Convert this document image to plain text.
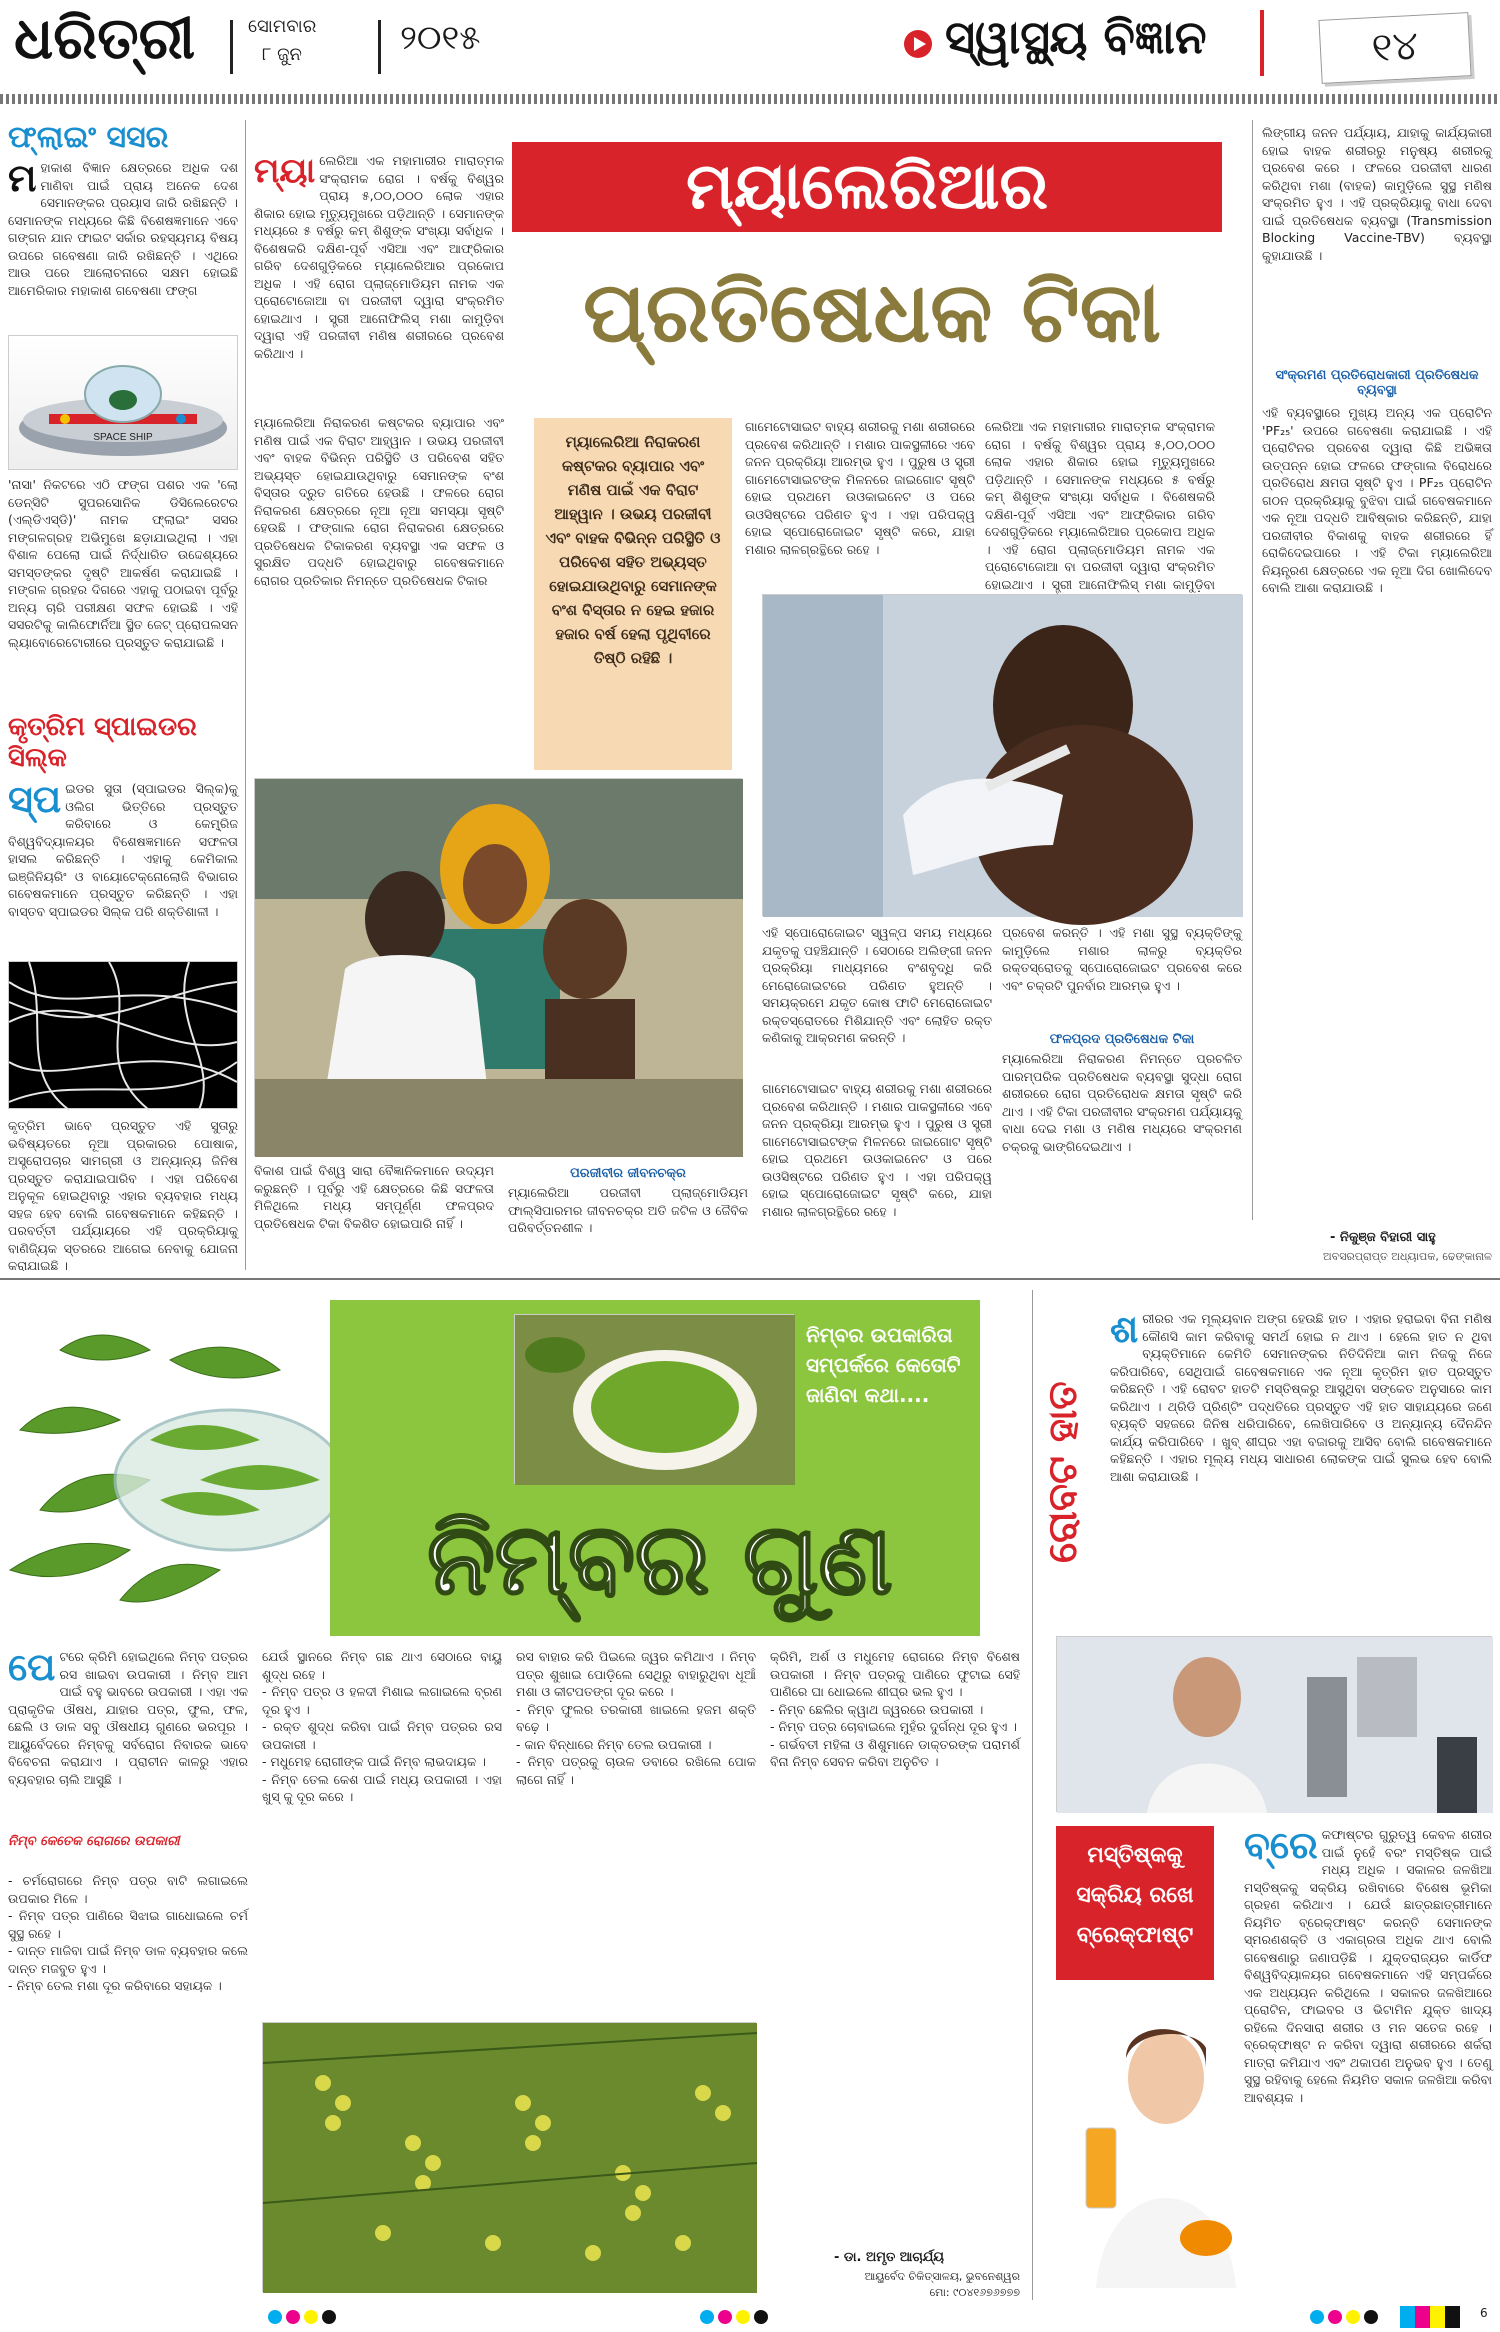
ଧରିତ୍ରୀ	ସୋମବାର
୮ ଜୁନ	୨୦୧୫	ସ୍ୱାସ୍ଥ୍ୟ ବିଜ୍ଞାନ	୧୪
ଫ୍ଲାଇଂ ସସର
ମହାକାଶ ବିଜ୍ଞାନ କ୍ଷେତ୍ରରେ ଅଧିକ ଦଶ ମାଣିବା ପାଇଁ ପ୍ରାୟ ଅନେକ ଦେଶ ସେମାନଙ୍କର ପ୍ରୟାସ ଜାରି ରଖିଛନ୍ତି । ସେମାନଙ୍କ ମଧ୍ୟରେ କିଛି ବିଶେଷଜ୍ଞମାନେ ଏବେ ଗଙ୍ଗନ ଯାନ ଫାଇଟ ସର୍କାର ରହସ୍ୟମୟ ବିଷୟ ଉପରେ ଗବେଷଣା ଜାରି ରଖିଛନ୍ତି । ଏଥିରେ ଆଉ ପରେ ଆଲୋଚନାରେ ସକ୍ଷମ ହୋଇଛି ଆମେରିକାର ମହାକାଶ ଗବେଷଣା ଫଙ୍ଗ
SPACE SHIP
'ନାସା' ନିକଟରେ ଏଠି ଫଙ୍ଗ ପଶର ଏକ 'ଲୋ ଡେନ୍ସିଟି ସୁପରସୋନିକ ଡିସିଲେରେଟର (ଏଲ୍‌ଡିଏସ୍‌ଡି)' ନାମକ ଫ୍ଲାଇଂ ସସର ମଙ୍ଗଳଗ୍ରହ ଅଭିମୁଖେ ଛଡ଼ାଯାଇଥିଲା । ଏହା ବିଶାଳ ପେଲୋ ପାଇଁ ନିର୍ଦ୍ଧାରିତ ଉଦ୍ଦେଶ୍ୟରେ ସମସ୍ତଙ୍କର ଦୃଷ୍ଟି ଆକର୍ଷଣ କରାଯାଇଛି । ମଙ୍ଗଳ ଗ୍ରହର ଦିଗରେ ଏହାକୁ ପଠାଇବା ପୂର୍ବରୁ ଅନ୍ୟ ଚାରି ପରୀକ୍ଷଣ ସଫଳ ହୋଇଛି । ଏହି ସସରଟିକୁ କାଲିଫୋର୍ନିଆ ସ୍ଥିତ ଜେଟ୍‌ ପ୍ରୋପଲସନ ଲ୍ୟାବୋରେଟୋରୀରେ ପ୍ରସ୍ତୁତ କରାଯାଇଛି ।
କୃତ୍ରିମ ସ୍ପାଇଡର ସିଲ୍କ
ସ୍ପ ଇଡର ସୁତା (ସ୍ପାଇଡର ସିଲ୍କ)କୁ ଓଲିଗ ଭିତ୍ତିରେ ପ୍ରସ୍ତୁତ କରିବାରେ ଓ କେମ୍ବ୍ରିଜ ବିଶ୍ୱବିଦ୍ୟାଳୟର ବିଶେଷଜ୍ଞମାନେ ସଫଳତା ହାସଲ କରିଛନ୍ତି । ଏହାକୁ କେମିକାଲ ଇଞ୍ଜିନିୟରିଂ ଓ ବାୟୋଟେକ୍ନୋଲୋଜି ବିଭାଗର ଗବେଷକମାନେ ପ୍ରସ୍ତୁତ କରିଛନ୍ତି । ଏହା ବାସ୍ତବ ସ୍ପାଇଡର ସିଲ୍କ ପରି ଶକ୍ତିଶାଳୀ ।
କୃତ୍ରିମ ଭାବେ ପ୍ରସ୍ତୁତ ଏହି ସୁତାରୁ ଭବିଷ୍ୟତରେ ନୂଆ ପ୍ରକାରର ପୋଷାକ, ଅସ୍ତ୍ରୋପଚାର ସାମଗ୍ରୀ ଓ ଅନ୍ୟାନ୍ୟ ଜିନିଷ ପ୍ରସ୍ତୁତ କରାଯାଇପାରିବ । ଏହା ପରିବେଶ ଅନୁକୂଳ ହୋଇଥିବାରୁ ଏହାର ବ୍ୟବହାର ମଧ୍ୟ ସହଜ ହେବ ବୋଲି ଗବେଷକମାନେ କହିଛନ୍ତି । ପରବର୍ତ୍ତୀ ପର୍ଯ୍ୟାୟରେ ଏହି ପ୍ରକ୍ରିୟାକୁ ବାଣିଜ୍ୟିକ ସ୍ତରରେ ଆଗେଇ ନେବାକୁ ଯୋଜନା କରାଯାଇଛି ।
ମ୍ୟାଲେରିଆର
ପ୍ରତିଷେଧକ ଟିକା
ମ୍ୟା ଲେରିଆ ଏକ ମହାମାରୀର ମାରାତ୍ମକ ସଂକ୍ରାମକ ରୋଗ । ବର୍ଷକୁ ବିଶ୍ୱର ପ୍ରାୟ ୫,୦୦,୦୦୦ ଲୋକ ଏହାର ଶିକାର ହୋଇ ମୃତ୍ୟୁମୁଖରେ ପଡ଼ିଥାନ୍ତି । ସେମାନଙ୍କ ମଧ୍ୟରେ ୫ ବର୍ଷରୁ କମ୍‌ ଶିଶୁଙ୍କ ସଂଖ୍ୟା ସର୍ବାଧିକ । ବିଶେଷକରି ଦକ୍ଷିଣ-ପୂର୍ବ ଏସିଆ ଏବଂ ଆଫ୍ରିକାର ଗରିବ ଦେଶଗୁଡ଼ିକରେ ମ୍ୟାଲେରିଆର ପ୍ରକୋପ ଅଧିକ । ଏହି ରୋଗ ପ୍ଲାଜ୍‌ମୋଡିୟମ ନାମକ ଏକ ପ୍ରୋଟୋଜୋଆ ବା ପରଜୀବୀ ଦ୍ୱାରା ସଂକ୍ରମିତ ହୋଇଥାଏ । ସ୍ତ୍ରୀ ଆନୋଫିଲିସ୍‌ ମଶା କାମୁଡ଼ିବା ଦ୍ୱାରା ଏହି ପରଜୀବୀ ମଣିଷ ଶରୀରରେ ପ୍ରବେଶ କରିଥାଏ ।
ମ୍ୟାଲେରିଆ ନିରାକରଣ କଷ୍ଟକର ବ୍ୟାପାର ଏବଂ ମଣିଷ ପାଇଁ ଏକ ବିରାଟ ଆହ୍ୱାନ । ଉଭୟ ପରଜୀବୀ ଏବଂ ବାହକ ବିଭିନ୍ନ ପରିସ୍ଥିତି ଓ ପରିବେଶ ସହିତ ଅଭ୍ୟସ୍ତ ହୋଇଯାଉଥିବାରୁ ସେମାନଙ୍କ ବଂଶ ବିସ୍ତାର ଦ୍ରୁତ ଗତିରେ ହେଉଛି । ଫଳରେ ରୋଗ ନିରାକରଣ କ୍ଷେତ୍ରରେ ନୂଆ ନୂଆ ସମସ୍ୟା ସୃଷ୍ଟି ହେଉଛି । ଫଙ୍ଗାଲ ରୋଗ ନିରାକରଣ କ୍ଷେତ୍ରରେ ପ୍ରତିଷେଧକ ଟିକାକରଣ ବ୍ୟବସ୍ଥା ଏକ ସଫଳ ଓ ସୁରକ୍ଷିତ ପଦ୍ଧତି ହୋଇଥିବାରୁ ଗବେଷକମାନେ ରୋଗର ପ୍ରତିକାର ନିମନ୍ତେ ପ୍ରତିଷେଧକ ଟିକାର
ମ୍ୟାଲେରିଆ ନିରାକରଣ କଷ୍ଟକର ବ୍ୟାପାର ଏବଂ ମଣିଷ ପାଇଁ ଏକ ବିରାଟ ଆହ୍ୱାନ । ଉଭୟ ପରଜୀବୀ ଏବଂ ବାହକ ବିଭିନ୍ନ ପରିସ୍ଥିତି ଓ ପରିବେଶ ସହିତ ଅଭ୍ୟସ୍ତ ହୋଇଯାଉଥିବାରୁ ସେମାନଙ୍କ ବଂଶ ବିସ୍ତାର ନ ହେଇ ହଜାର ହଜାର ବର୍ଷ ହେଲା ପୃଥିବୀରେ ତିଷ୍ଠି ରହିଛି ।
ଗାମେଟୋସାଇଟ ବାହ୍ୟ ଶରୀରକୁ ମଶା ଶରୀରରେ ପ୍ରବେଶ କରିଥାନ୍ତି । ମଶାର ପାକସ୍ଥଳୀରେ ଏବେ ଜନନ ପ୍ରକ୍ରିୟା ଆରମ୍ଭ ହୁଏ । ପୁରୁଷ ଓ ସ୍ତ୍ରୀ ଗାମେଟୋସାଇଟଙ୍କ ମିଳନରେ ଜାଇଗୋଟ ସୃଷ୍ଟି ହୋଇ ପ୍ରଥମେ ଉଓକାଇନେଟ ଓ ପରେ ଉଓସିଷ୍ଟରେ ପରିଣତ ହୁଏ । ଏହା ପରିପକ୍ୱ ହୋଇ ସ୍ପୋରୋଜୋଇଟ ସୃଷ୍ଟି କରେ, ଯାହା ମଶାର ଲାଳଗ୍ରନ୍ଥିରେ ରହେ ।
ଲେରିଆ ଏକ ମହାମାରୀର ମାରାତ୍ମକ ସଂକ୍ରାମକ ରୋଗ । ବର୍ଷକୁ ବିଶ୍ୱର ପ୍ରାୟ ୫,୦୦,୦୦୦ ଲୋକ ଏହାର ଶିକାର ହୋଇ ମୃତ୍ୟୁମୁଖରେ ପଡ଼ିଥାନ୍ତି । ସେମାନଙ୍କ ମଧ୍ୟରେ ୫ ବର୍ଷରୁ କମ୍‌ ଶିଶୁଙ୍କ ସଂଖ୍ୟା ସର୍ବାଧିକ । ବିଶେଷକରି ଦକ୍ଷିଣ-ପୂର୍ବ ଏସିଆ ଏବଂ ଆଫ୍ରିକାର ଗରିବ ଦେଶଗୁଡ଼ିକରେ ମ୍ୟାଲେରିଆର ପ୍ରକୋପ ଅଧିକ । ଏହି ରୋଗ ପ୍ଲାଜ୍‌ମୋଡିୟମ ନାମକ ଏକ ପ୍ରୋଟୋଜୋଆ ବା ପରଜୀବୀ ଦ୍ୱାରା ସଂକ୍ରମିତ ହୋଇଥାଏ । ସ୍ତ୍ରୀ ଆନୋଫିଲିସ୍‌ ମଶା କାମୁଡ଼ିବା
ଲିଙ୍ଗୀୟ ଜନନ ପର୍ଯ୍ୟାୟ, ଯାହାକୁ କାର୍ଯ୍ୟକାରୀ ହୋଇ ବାହକ ଶରୀରରୁ ମନୁଷ୍ୟ ଶରୀରକୁ ପ୍ରବେଶ କରେ । ଫଳରେ ପରଜୀବୀ ଧାରଣ କରିଥିବା ମଶା (ବାହକ) କାମୁଡ଼ିଲେ ସୁସ୍ଥ ମଣିଷ ସଂକ୍ରମିତ ହୁଏ । ଏହି ପ୍ରକ୍ରିୟାକୁ ବାଧା ଦେବା ପାଇଁ ପ୍ରତିଷେଧକ ବ୍ୟବସ୍ଥା (Transmission Blocking Vaccine-TBV) ବ୍ୟବସ୍ଥା କୁହାଯାଉଛି ।
ସଂକ୍ରମଣ ପ୍ରତିରୋଧକାରୀ ପ୍ରତିଷେଧକ ବ୍ୟବସ୍ଥା
ଏହି ବ୍ୟବସ୍ଥାରେ ମୁଖ୍ୟ ଅନ୍ୟ ଏକ ପ୍ରୋଟିନ 'PF₂₅' ଉପରେ ଗବେଷଣା କରାଯାଇଛି । ଏହି ପ୍ରୋଟିନର ପ୍ରବେଶ ଦ୍ୱାରା କିଛି ଅଭିଜ୍ଞତା ଉତ୍ପନ୍ନ ହୋଇ ଫଳରେ ଫଙ୍ଗାଲ ବିରୋଧରେ ପ୍ରତିରୋଧ କ୍ଷମତା ସୃଷ୍ଟି ହୁଏ । PF₂₅ ପ୍ରୋଟିନ ଗଠନ ପ୍ରକ୍ରିୟାକୁ ବୁଝିବା ପାଇଁ ଗବେଷକମାନେ ଏକ ନୂଆ ପଦ୍ଧତି ଆବିଷ୍କାର କରିଛନ୍ତି, ଯାହା ପରଜୀବୀର ବିକାଶକୁ ବାହକ ଶରୀରରେ ହିଁ ରୋକିଦେଇପାରେ । ଏହି ଟିକା ମ୍ୟାଲେରିଆ ନିୟନ୍ତ୍ରଣ କ୍ଷେତ୍ରରେ ଏକ ନୂଆ ଦିଗ ଖୋଲିଦେବ ବୋଲି ଆଶା କରାଯାଉଛି ।
ଏହି ସ୍ପୋରୋଜୋଇଟ ସ୍ୱଳ୍ପ ସମୟ ମଧ୍ୟରେ ଯକୃତକୁ ପହଞ୍ଚିଯାନ୍ତି । ସେଠାରେ ଅଲିଙ୍ଗୀ ଜନନ ପ୍ରକ୍ରିୟା ମାଧ୍ୟମରେ ବଂଶବୃଦ୍ଧି କରି ମେରୋଜୋଇଟରେ ପରିଣତ ହୁଅନ୍ତି । ସମୟକ୍ରମେ ଯକୃତ କୋଷ ଫାଟି ମେରୋଜୋଇଟ ରକ୍ତସ୍ରୋତରେ ମିଶିଯାନ୍ତି ଏବଂ ଲୋହିତ ରକ୍ତ କଣିକାକୁ ଆକ୍ରମଣ କରନ୍ତି ।
ପ୍ରବେଶ କରନ୍ତି । ଏହି ମଶା ସୁସ୍ଥ ବ୍ୟକ୍ତିଙ୍କୁ କାମୁଡ଼ିଲେ ମଶାର ଲାଳରୁ ବ୍ୟକ୍ତିର ରକ୍ତସ୍ରୋତକୁ ସ୍ପୋରୋଜୋଇଟ ପ୍ରବେଶ କରେ ଏବଂ ଚକ୍ରଟି ପୁନର୍ବାର ଆରମ୍ଭ ହୁଏ ।
ଫଳପ୍ରଦ ପ୍ରତିଷେଧକ ଟିକା
ମ୍ୟାଲେରିଆ ନିରାକରଣ ନିମନ୍ତେ ପ୍ରଚଳିତ ପାରମ୍ପରିକ ପ୍ରତିଷେଧକ ବ୍ୟବସ୍ଥା ସୁଦ୍ଧା ରୋଗ ଶରୀରରେ ରୋଗ ପ୍ରତିରୋଧକ କ୍ଷମତା ସୃଷ୍ଟି କରି ଥାଏ । ଏହି ଟିକା ପରଜୀବୀର ସଂକ୍ରମଣ ପର୍ଯ୍ୟାୟକୁ ବାଧା ଦେଇ ମଶା ଓ ମଣିଷ ମଧ୍ୟରେ ସଂକ୍ରମଣ ଚକ୍ରକୁ ଭାଙ୍ଗିଦେଇଥାଏ ।
ଗାମେଟୋସାଇଟ ବାହ୍ୟ ଶରୀରକୁ ମଶା ଶରୀରରେ ପ୍ରବେଶ କରିଥାନ୍ତି । ମଶାର ପାକସ୍ଥଳୀରେ ଏବେ ଜନନ ପ୍ରକ୍ରିୟା ଆରମ୍ଭ ହୁଏ । ପୁରୁଷ ଓ ସ୍ତ୍ରୀ ଗାମେଟୋସାଇଟଙ୍କ ମିଳନରେ ଜାଇଗୋଟ ସୃଷ୍ଟି ହୋଇ ପ୍ରଥମେ ଉଓକାଇନେଟ ଓ ପରେ ଉଓସିଷ୍ଟରେ ପରିଣତ ହୁଏ । ଏହା ପରିପକ୍ୱ ହୋଇ ସ୍ପୋରୋଜୋଇଟ ସୃଷ୍ଟି କରେ, ଯାହା ମଶାର ଲାଳଗ୍ରନ୍ଥିରେ ରହେ ।
ବିକାଶ ପାଇଁ ବିଶ୍ୱ ସାରା ବୈଜ୍ଞାନିକମାନେ ଉଦ୍ୟମ କରୁଛନ୍ତି । ପୂର୍ବରୁ ଏହି କ୍ଷେତ୍ରରେ କିଛି ସଫଳତା ମିଳିଥିଲେ ମଧ୍ୟ ସମ୍ପୂର୍ଣ୍ଣ ଫଳପ୍ରଦ ପ୍ରତିଷେଧକ ଟିକା ବିକଶିତ ହୋଇପାରି ନାହିଁ ।
ପରଜୀବୀର ଜୀବନଚକ୍ର
ମ୍ୟାଲେରିଆ ପରଜୀବୀ ପ୍ଲାଜ୍‌ମୋଡିୟମ ଫାଲ୍‌ସିପାରମର ଜୀବନଚକ୍ର ଅତି ଜଟିଳ ଓ ଜୈବିକ ପରିବର୍ତ୍ତନଶୀଳ ।
- ନିକୁଞ୍ଜ ବିହାରୀ ସାହୁ
ଅବସରପ୍ରାପ୍ତ ଅଧ୍ୟାପକ, ଢେଙ୍କାନାଳ
ନିମ୍ବର ଉପକାରିତା ସମ୍ପର୍କରେ କେତୋଟି ଜାଣିବା କଥା....
ନିମ୍ବର ଗୁଣ
ପେଟରେ କ୍ରିମି ହୋଇଥିଲେ ନିମ୍ବ ପତ୍ରର ରସ ଖାଇବା ଉପକାରୀ । ନିମ୍ବ ଆମ ପାଇଁ ବହୁ ଭାବରେ ଉପକାରୀ । ଏହା ଏକ ପ୍ରାକୃତିକ ଔଷଧ, ଯାହାର ପତ୍ର, ଫୁଲ, ଫଳ, ଛେଲି ଓ ଡାଳ ସବୁ ଔଷଧୀୟ ଗୁଣରେ ଭରପୂର । ଆୟୁର୍ବେଦରେ ନିମ୍ବକୁ ସର୍ବରୋଗ ନିବାରକ ଭାବେ ବିବେଚନା କରାଯାଏ । ପ୍ରାଚୀନ କାଳରୁ ଏହାର ବ୍ୟବହାର ଚାଲି ଆସୁଛି ।
ନିମ୍ବ କେତେକ ରୋଗରେ ଉପକାରୀ
- ଚର୍ମରୋଗରେ ନିମ୍ବ ପତ୍ର ବାଟି ଲଗାଇଲେ ଉପକାର ମିଳେ ।
- ନିମ୍ବ ପତ୍ର ପାଣିରେ ସିଝାଇ ଗାଧୋଇଲେ ଚର୍ମ ସୁସ୍ଥ ରହେ ।
- ଦାନ୍ତ ମାଜିବା ପାଇଁ ନିମ୍ବ ଡାଳ ବ୍ୟବହାର କଲେ ଦାନ୍ତ ମଜବୁତ ହୁଏ ।
- ନିମ୍ବ ତେଲ ମଶା ଦୂର କରିବାରେ ସହାୟକ ।
ଯେଉଁ ସ୍ଥାନରେ ନିମ୍ବ ଗଛ ଥାଏ ସେଠାରେ ବାୟୁ ଶୁଦ୍ଧ ରହେ ।
- ନିମ୍ବ ପତ୍ର ଓ ହଳଦୀ ମିଶାଇ ଲଗାଇଲେ ବ୍ରଣ ଦୂର ହୁଏ ।
- ରକ୍ତ ଶୁଦ୍ଧ କରିବା ପାଇଁ ନିମ୍ବ ପତ୍ରର ରସ ଉପକାରୀ ।
- ମଧୁମେହ ରୋଗୀଙ୍କ ପାଇଁ ନିମ୍ବ ଲାଭଦାୟକ ।
- ନିମ୍ବ ତେଲ କେଶ ପାଇଁ ମଧ୍ୟ ଉପକାରୀ । ଏହା ଖୁସ୍ କୁ ଦୂର କରେ ।
ରସ ବାହାର କରି ପିଇଲେ ଜ୍ୱର କମିଥାଏ । ନିମ୍ବ ପତ୍ର ଶୁଖାଇ ପୋଡ଼ିଲେ ସେଥିରୁ ବାହାରୁଥିବା ଧୂଆଁ ମଶା ଓ କୀଟପତଙ୍ଗ ଦୂର କରେ ।
- ନିମ୍ବ ଫୁଲର ତରକାରୀ ଖାଇଲେ ହଜମ ଶକ୍ତି ବଢ଼େ ।
- କାନ ବିନ୍ଧାରେ ନିମ୍ବ ତେଲ ଉପକାରୀ ।
- ନିମ୍ବ ପତ୍ରକୁ ଚାଉଳ ଡବାରେ ରଖିଲେ ପୋକ ଲାଗେ ନାହିଁ ।
କ୍ରିମି, ଅର୍ଶ ଓ ମଧୁମେହ ରୋଗରେ ନିମ୍ବ ବିଶେଷ ଉପକାରୀ । ନିମ୍ବ ପତ୍ରକୁ ପାଣିରେ ଫୁଟାଇ ସେହି ପାଣିରେ ଘା ଧୋଇଲେ ଶୀଘ୍ର ଭଲ ହୁଏ ।
- ନିମ୍ବ ଛେଲିର କ୍ୱାଥ ଜ୍ୱରରେ ଉପକାରୀ ।
- ନିମ୍ବ ପତ୍ର ଚୋବାଇଲେ ମୁହଁର ଦୁର୍ଗନ୍ଧ ଦୂର ହୁଏ ।
- ଗର୍ଭବତୀ ମହିଳା ଓ ଶିଶୁମାନେ ଡାକ୍ତରଙ୍କ ପରାମର୍ଶ ବିନା ନିମ୍ବ ସେବନ କରିବା ଅନୁଚିତ ।
- ଡା. ଅମୃତ ଆଚାର୍ଯ୍ୟ
ଆୟୁର୍ବେଦ ଚିକିତ୍ସାଳୟ, ଭୁବନେଶ୍ୱର
ମୋ: ୯୦୪୧୬୭୬୭୭୭
ରୋବଟ ହାତ
ଶରୀରର ଏକ ମୂଲ୍ୟବାନ ଅଙ୍ଗ ହେଉଛି ହାତ । ଏହାର ହରାଇବା ବିନା ମଣିଷ କୌଣସି କାମ କରିବାକୁ ସମର୍ଥ ହୋଇ ନ ଥାଏ । ହେଲେ ହାତ ନ ଥିବା ବ୍ୟକ୍ତିମାନେ କେମିତି ସେମାନଙ୍କର ନିତିଦିନିଆ କାମ ନିଜକୁ ନିଜେ କରିପାରିବେ, ସେଥିପାଇଁ ଗବେଷକମାନେ ଏକ ନୂଆ କୃତ୍ରିମ ହାତ ପ୍ରସ୍ତୁତ କରିଛନ୍ତି । ଏହି ରୋବଟ ହାତଟି ମସ୍ତିଷ୍କରୁ ଆସୁଥିବା ସଙ୍କେତ ଅନୁସାରେ କାମ କରିଥାଏ । ଥ୍ରିଡି ପ୍ରିଣ୍ଟିଂ ପଦ୍ଧତିରେ ପ୍ରସ୍ତୁତ ଏହି ହାତ ସାହାଯ୍ୟରେ ଜଣେ ବ୍ୟକ୍ତି ସହଜରେ ଜିନିଷ ଧରିପାରିବେ, ଲେଖିପାରିବେ ଓ ଅନ୍ୟାନ୍ୟ ଦୈନନ୍ଦିନ କାର୍ଯ୍ୟ କରିପାରିବେ । ଖୁବ୍‌ ଶୀଘ୍ର ଏହା ବଜାରକୁ ଆସିବ ବୋଲି ଗବେଷକମାନେ କହିଛନ୍ତି । ଏହାର ମୂଲ୍ୟ ମଧ୍ୟ ସାଧାରଣ ଲୋକଙ୍କ ପାଇଁ ସୁଲଭ ହେବ ବୋଲି ଆଶା କରାଯାଉଛି ।
ମସ୍ତିଷ୍କକୁ
ସକ୍ରିୟ ରଖେ
ବ୍ରେକ୍‌ଫାଷ୍ଟ
ବ୍ରେ କଫାଷ୍ଟର ଗୁରୁତ୍ୱ କେବଳ ଶରୀର ପାଇଁ ନୁହେଁ ବରଂ ମସ୍ତିଷ୍କ ପାଇଁ ମଧ୍ୟ ଅଧିକ । ସକାଳର ଜଳଖିଆ ମସ୍ତିଷ୍କକୁ ସକ୍ରିୟ ରଖିବାରେ ବିଶେଷ ଭୂମିକା ଗ୍ରହଣ କରିଥାଏ । ଯେଉଁ ଛାତ୍ରଛାତ୍ରୀମାନେ ନିୟମିତ ବ୍ରେକ୍‌ଫାଷ୍ଟ କରନ୍ତି ସେମାନଙ୍କ ସ୍ମରଣଶକ୍ତି ଓ ଏକାଗ୍ରତା ଅଧିକ ଥାଏ ବୋଲି ଗବେଷଣାରୁ ଜଣାପଡ଼ିଛି । ଯୁକ୍ତରାଜ୍ୟର କାର୍ଡିଫ ବିଶ୍ୱବିଦ୍ୟାଳୟର ଗବେଷକମାନେ ଏହି ସମ୍ପର୍କରେ ଏକ ଅଧ୍ୟୟନ କରିଥିଲେ । ସକାଳର ଜଳଖିଆରେ ପ୍ରୋଟିନ, ଫାଇବର ଓ ଭିଟାମିନ ଯୁକ୍ତ ଖାଦ୍ୟ ରହିଲେ ଦିନସାରା ଶରୀର ଓ ମନ ସତେଜ ରହେ । ବ୍ରେକ୍‌ଫାଷ୍ଟ ନ କରିବା ଦ୍ୱାରା ଶରୀରରେ ଶର୍କରା ମାତ୍ରା କମିଯାଏ ଏବଂ ଥକାପଣ ଅନୁଭବ ହୁଏ । ତେଣୁ ସୁସ୍ଥ ରହିବାକୁ ହେଲେ ନିୟମିତ ସକାଳ ଜଳଖିଆ କରିବା ଆବଶ୍ୟକ ।
6
